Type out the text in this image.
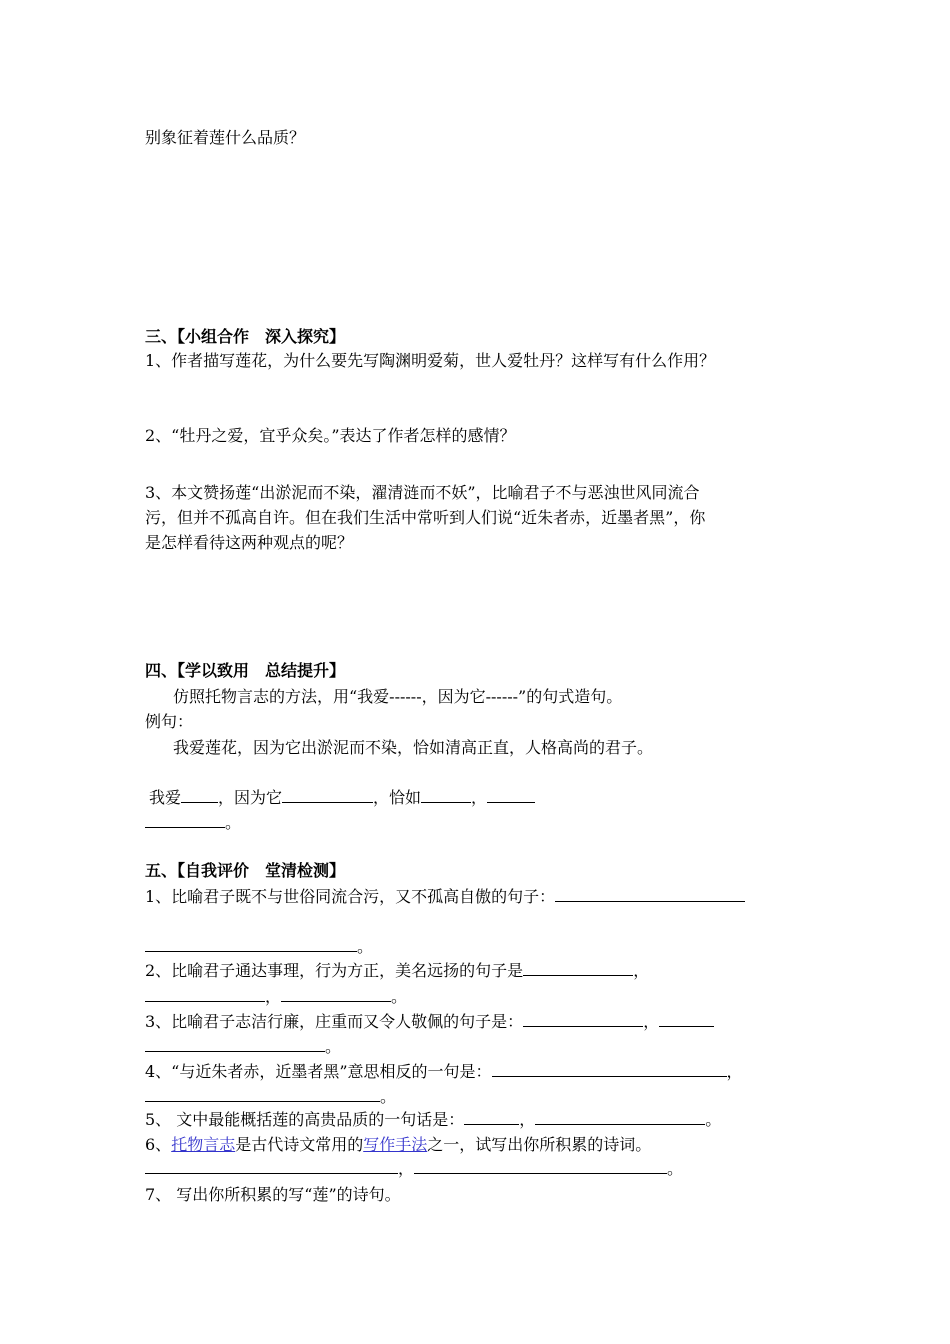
别象征着莲什么品质？
三、【小组合作　深入探究】
1、作者描写莲花，为什么要先写陶渊明爱菊，世人爱牡丹？这样写有什么作用？
2、“牡丹之爱，宜乎众矣。”表达了作者怎样的感情？
3、本文赞扬莲“出淤泥而不染，濯清涟而不妖”，比喻君子不与恶浊世风同流合
污，但并不孤高自许。但在我们生活中常听到人们说“近朱者赤，近墨者黑”，你
是怎样看待这两种观点的呢？
四、【学以致用　总结提升】
仿照托物言志的方法，用“我爱------，因为它------”的句式造句。
例句：
我爱莲花，因为它出淤泥而不染，恰如清高正直，人格高尚的君子。
我爱 ，因为它	，恰如	，
。
五、【自我评价　堂清检测】
1、比喻君子既不与世俗同流合污，又不孤高自傲的句子：
。
2、比喻君子通达事理，行为方正，美名远扬的句子是	，
，	。
3、比喻君子志洁行廉，庄重而又令人敬佩的句子是：	，
。
4、“与近朱者赤，近墨者黑”意思相反的一句是：	，
。
5、 文中最能概括莲的高贵品质的一句话是：	，	。
6、托物言志是古代诗文常用的写作手法之一，试写出你所积累的诗词。
，	。
7、 写出你所积累的写“莲”的诗句。
